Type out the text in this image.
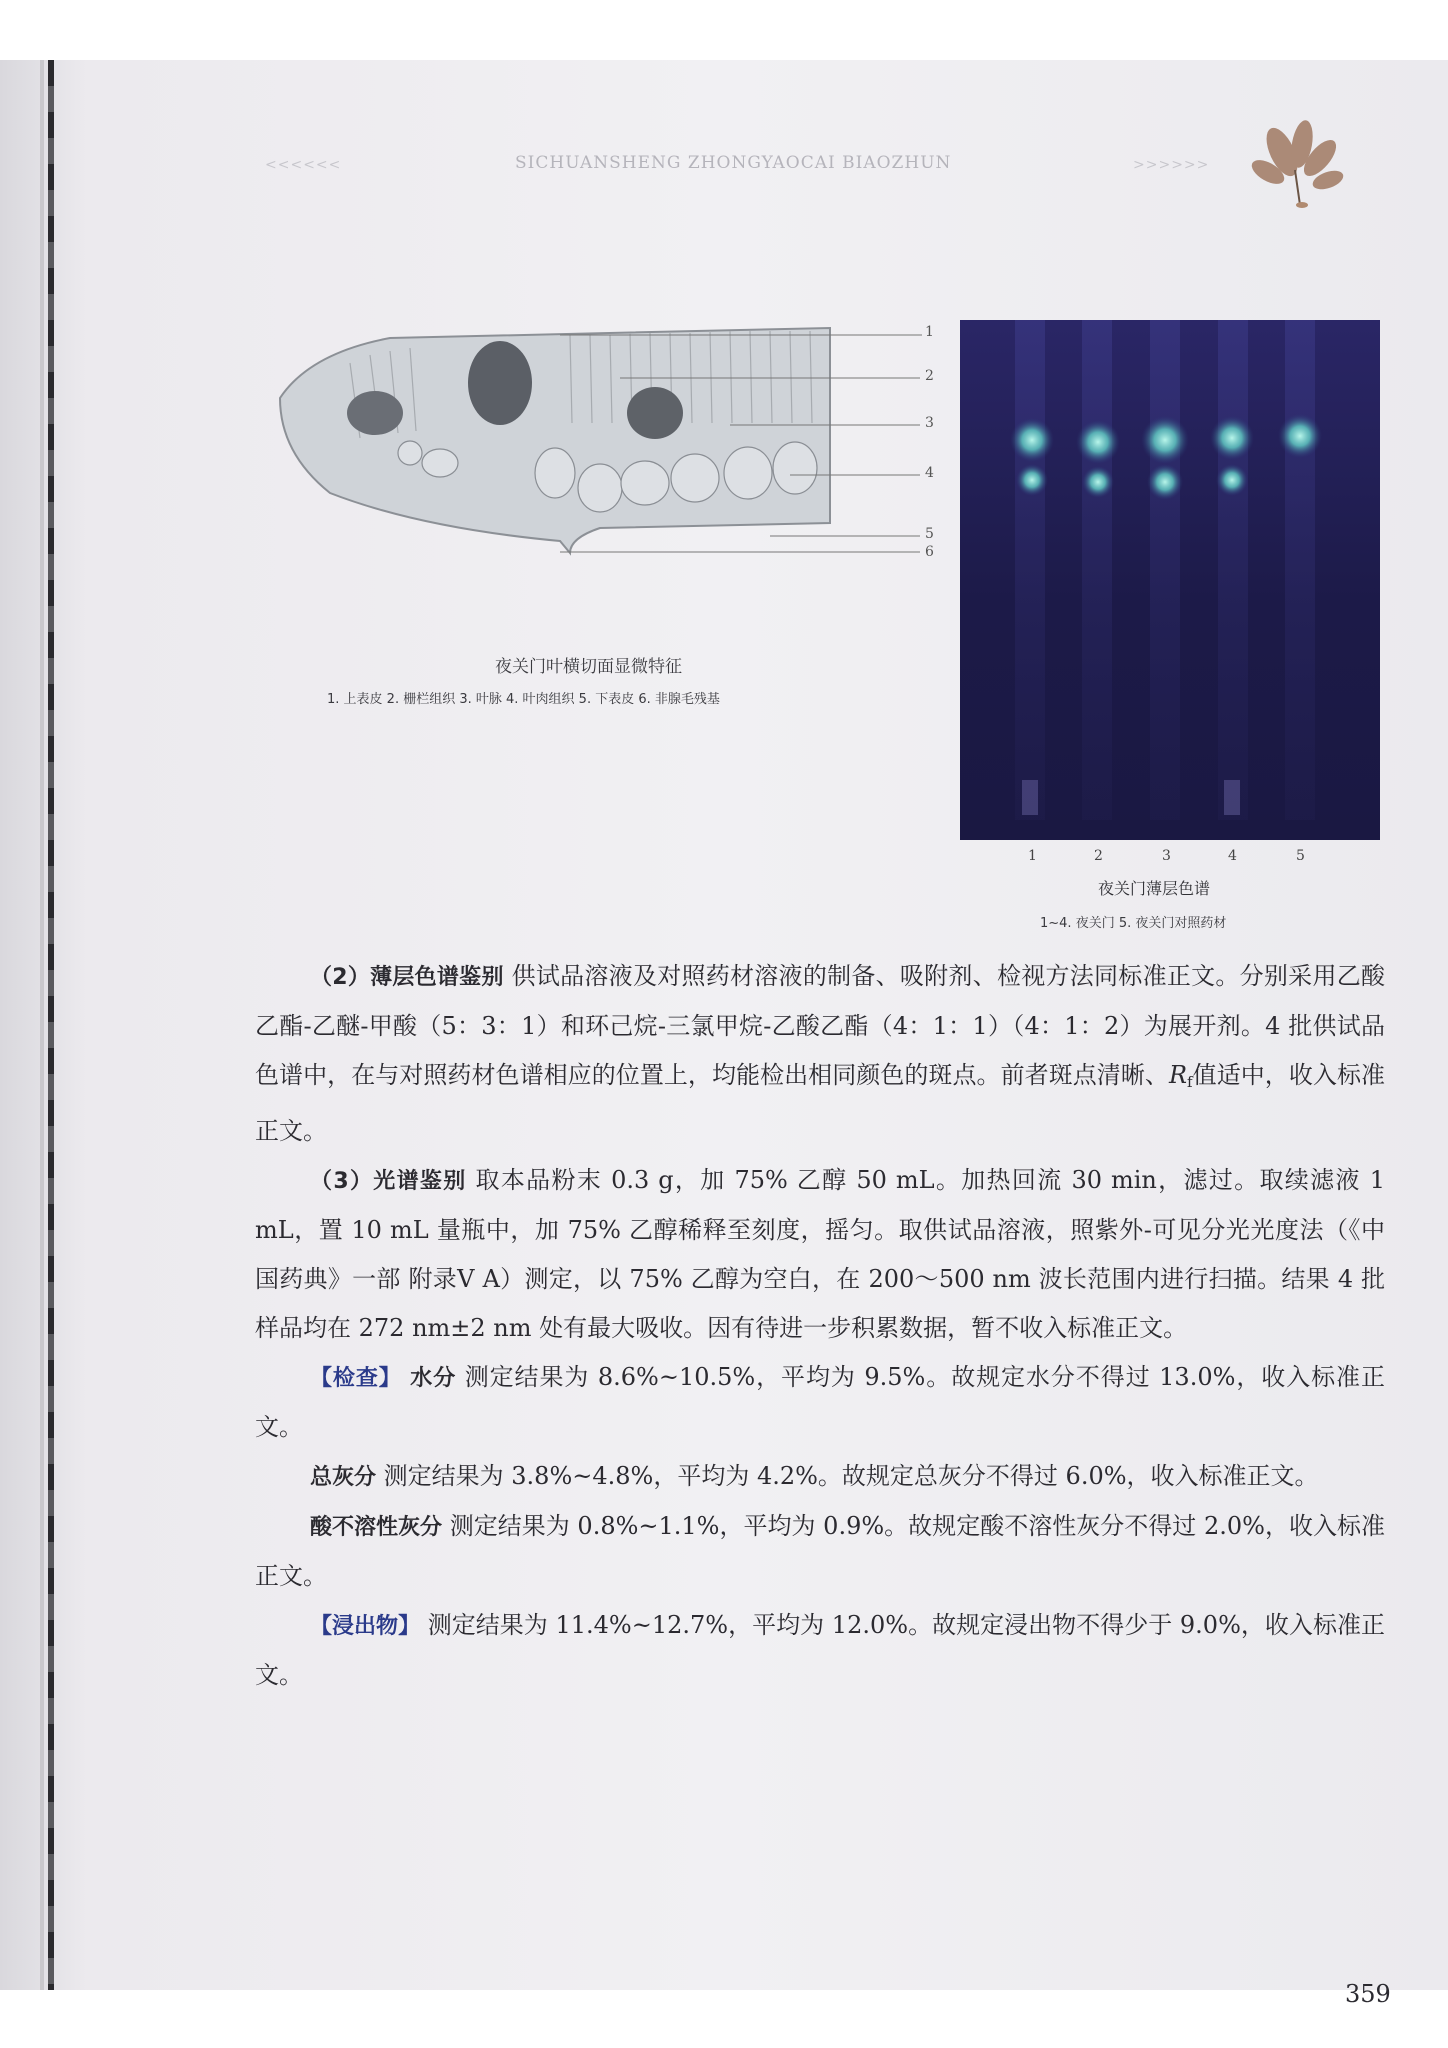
<<<<<<	SICHUANSHENG ZHONGYAOCAI BIAOZHUN	>>>>>>
1
2
3
4
5
6
夜关门叶横切面显微特征
1. 上表皮 2. 栅栏组织 3. 叶脉 4. 叶肉组织 5. 下表皮 6. 非腺毛残基
1	2	3	4	5
夜关门薄层色谱
1~4. 夜关门 5. 夜关门对照药材

（2）薄层色谱鉴别 供试品溶液及对照药材溶液的制备、吸附剂、检视方法同标准正文。分别采用乙酸乙酯-乙醚-甲酸（5：3：1）和环己烷-三氯甲烷-乙酸乙酯（4：1：1）（4：1：2）为展开剂。4 批供试品色谱中，在与对照药材色谱相应的位置上，均能检出相同颜色的斑点。前者斑点清晰、$R_f$值适中，收入标准正文。

（3）光谱鉴别 取本品粉末 0.3 g，加 75% 乙醇 50 mL。加热回流 30 min，滤过。取续滤液 1 mL，置 10 mL 量瓶中，加 75% 乙醇稀释至刻度，摇匀。取供试品溶液，照紫外-可见分光光度法（《中国药典》一部 附录Ⅴ A）测定，以 75% 乙醇为空白，在 200～500 nm 波长范围内进行扫描。结果 4 批样品均在 272 nm±2 nm 处有最大吸收。因有待进一步积累数据，暂不收入标准正文。

【检查】 水分 测定结果为 8.6%~10.5%，平均为 9.5%。故规定水分不得过 13.0%，收入标准正文。

总灰分 测定结果为 3.8%~4.8%，平均为 4.2%。故规定总灰分不得过 6.0%，收入标准正文。

酸不溶性灰分 测定结果为 0.8%~1.1%，平均为 0.9%。故规定酸不溶性灰分不得过 2.0%，收入标准正文。

【浸出物】 测定结果为 11.4%~12.7%，平均为 12.0%。故规定浸出物不得少于 9.0%，收入标准正文。

359
